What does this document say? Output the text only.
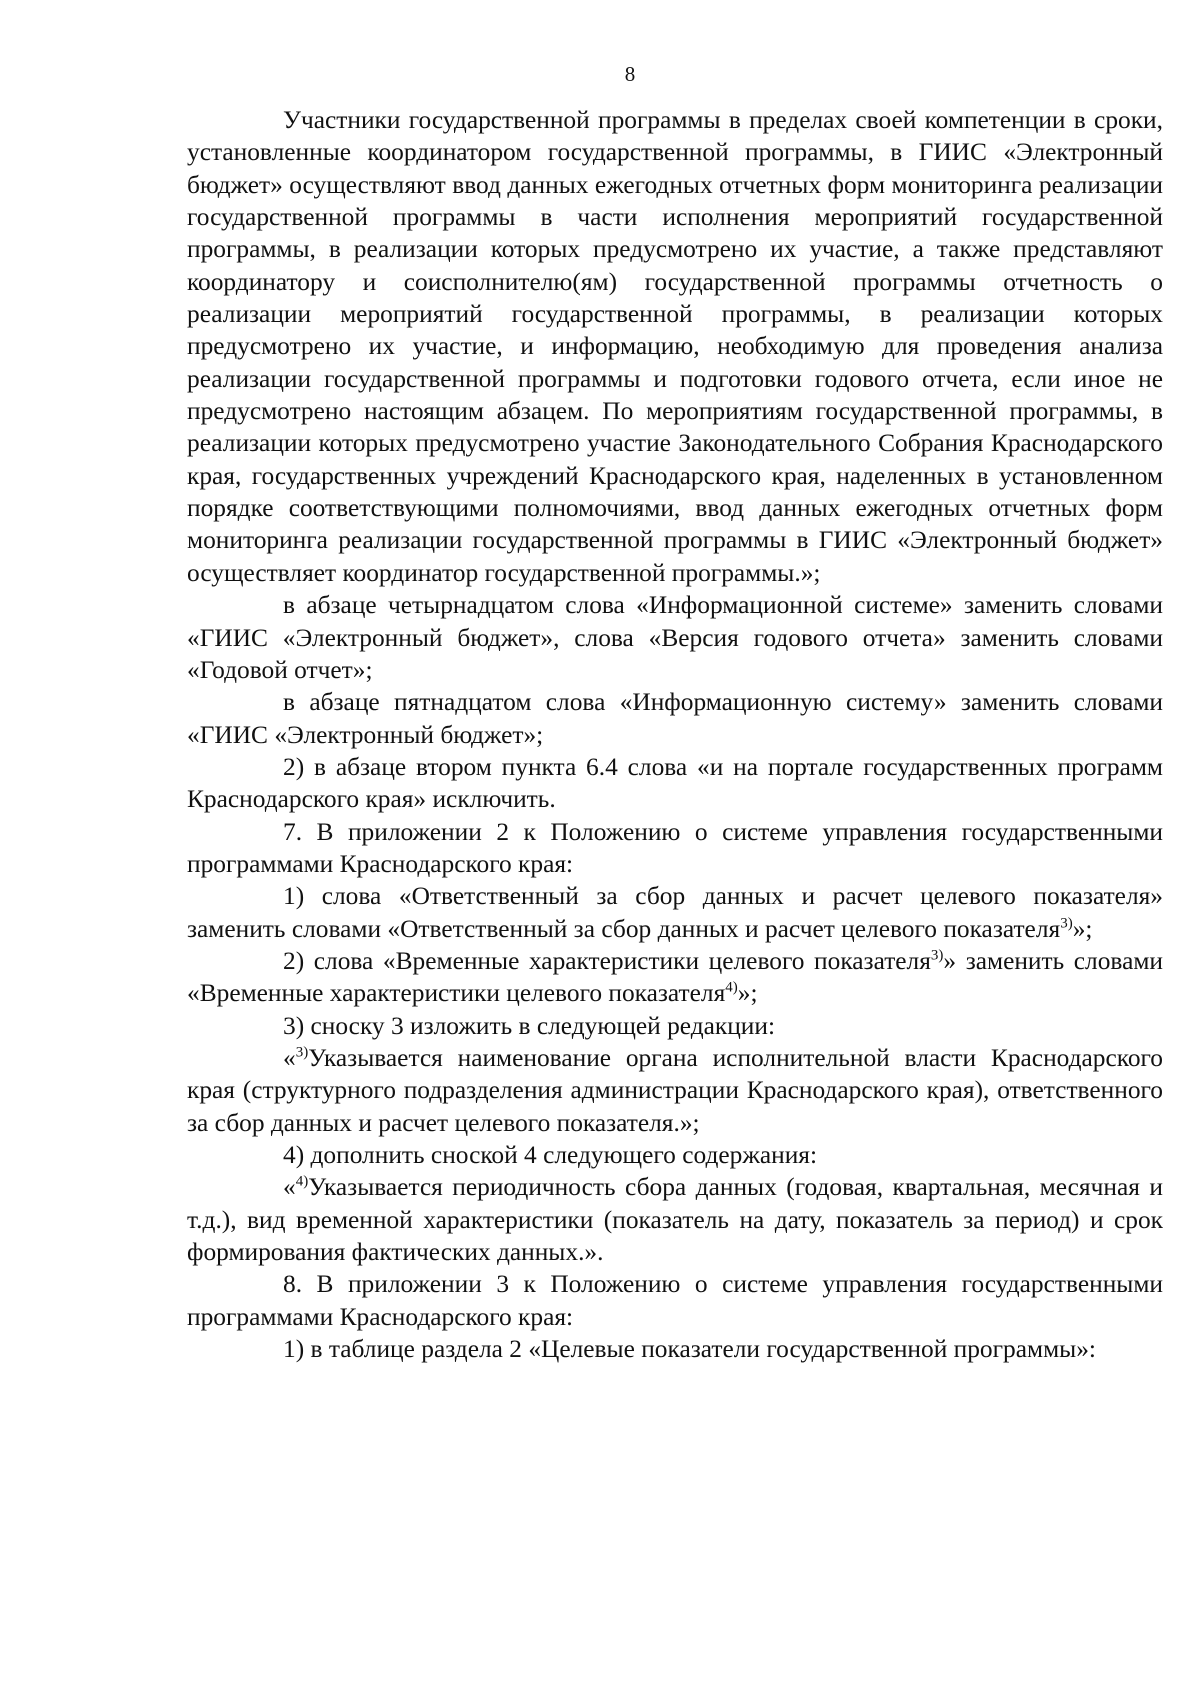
8

Участники государственной программы в пределах своей компетенции в сроки, установленные координатором государственной программы, в ГИИС «Электронный бюджет» осуществляют ввод данных ежегодных отчетных форм мониторинга реализации государственной программы в части исполнения мероприятий государственной программы, в реализации которых предусмотрено их участие, а также представляют координатору и соисполнителю(ям) государственной программы отчетность о реализации мероприятий государственной программы, в реализации которых предусмотрено их участие, и информацию, необходимую для проведения анализа реализации государственной программы и подготовки годового отчета, если иное не предусмотрено настоящим абзацем. По мероприятиям государственной программы, в реализации которых предусмотрено участие Законодательного Собрания Краснодарского края, государственных учреждений Краснодарского края, наделенных в установленном порядке соответствующими полномочиями, ввод данных ежегодных отчетных форм мониторинга реализации государственной программы в ГИИС «Электронный бюджет» осуществляет координатор государственной программы.»;

в абзаце четырнадцатом слова «Информационной системе» заменить словами «ГИИС «Электронный бюджет», слова «Версия годового отчета» заменить словами «Годовой отчет»;

в абзаце пятнадцатом слова «Информационную систему» заменить словами «ГИИС «Электронный бюджет»;

2) в абзаце втором пункта 6.4 слова «и на портале государственных программ Краснодарского края» исключить.

7. В приложении 2 к Положению о системе управления государственными программами Краснодарского края:

1) слова «Ответственный за сбор данных и расчет целевого показателя» заменить словами «Ответственный за сбор данных и расчет целевого показателя$^{3)}$»;

2) слова «Временные характеристики целевого показателя$^{3)}$» заменить словами «Временные характеристики целевого показателя$^{4)}$»;

3) сноску 3 изложить в следующей редакции:

«$^{3)}$Указывается наименование органа исполнительной власти Краснодарского края (структурного подразделения администрации Краснодарского края), ответственного за сбор данных и расчет целевого показателя.»;

4) дополнить сноской 4 следующего содержания:

«$^{4)}$Указывается периодичность сбора данных (годовая, квартальная, месячная и т.д.), вид временной характеристики (показатель на дату, показатель за период) и срок формирования фактических данных.».

8. В приложении 3 к Положению о системе управления государственными программами Краснодарского края:

1) в таблице раздела 2 «Целевые показатели государственной программы»:
